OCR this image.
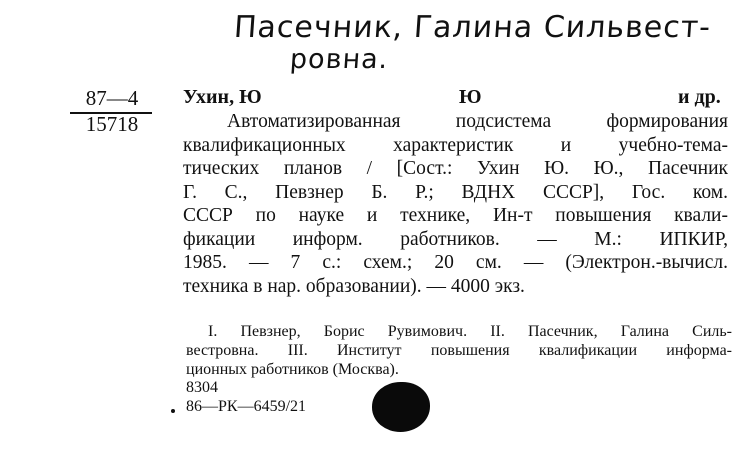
Пасечник, Галина Сильвест-
ровна.
87—4
15718
Ухин, Ю	Ю	и др.
Автоматизированная подсистема формирования
квалификационных характеристик и учебно-тема-
тических планов / [Сост.: Ухин Ю. Ю., Пасечник
Г. С., Певзнер Б. Р.; ВДНХ СССР], Гос. ком.
СССР по науке и технике, Ин-т повышения квали-
фикации информ. работников. — М.: ИПКИР,
1985. — 7 с.: схем.; 20 см. — (Электрон.-вычисл.
техника в нар. образовании). — 4000 экз.
I. Певзнер, Борис Рувимович. II. Пасечник, Галина Силь-
вестровна. III. Институт повышения квалификации информа-
ционных работников (Москва).
8304
86—РК—6459/21
